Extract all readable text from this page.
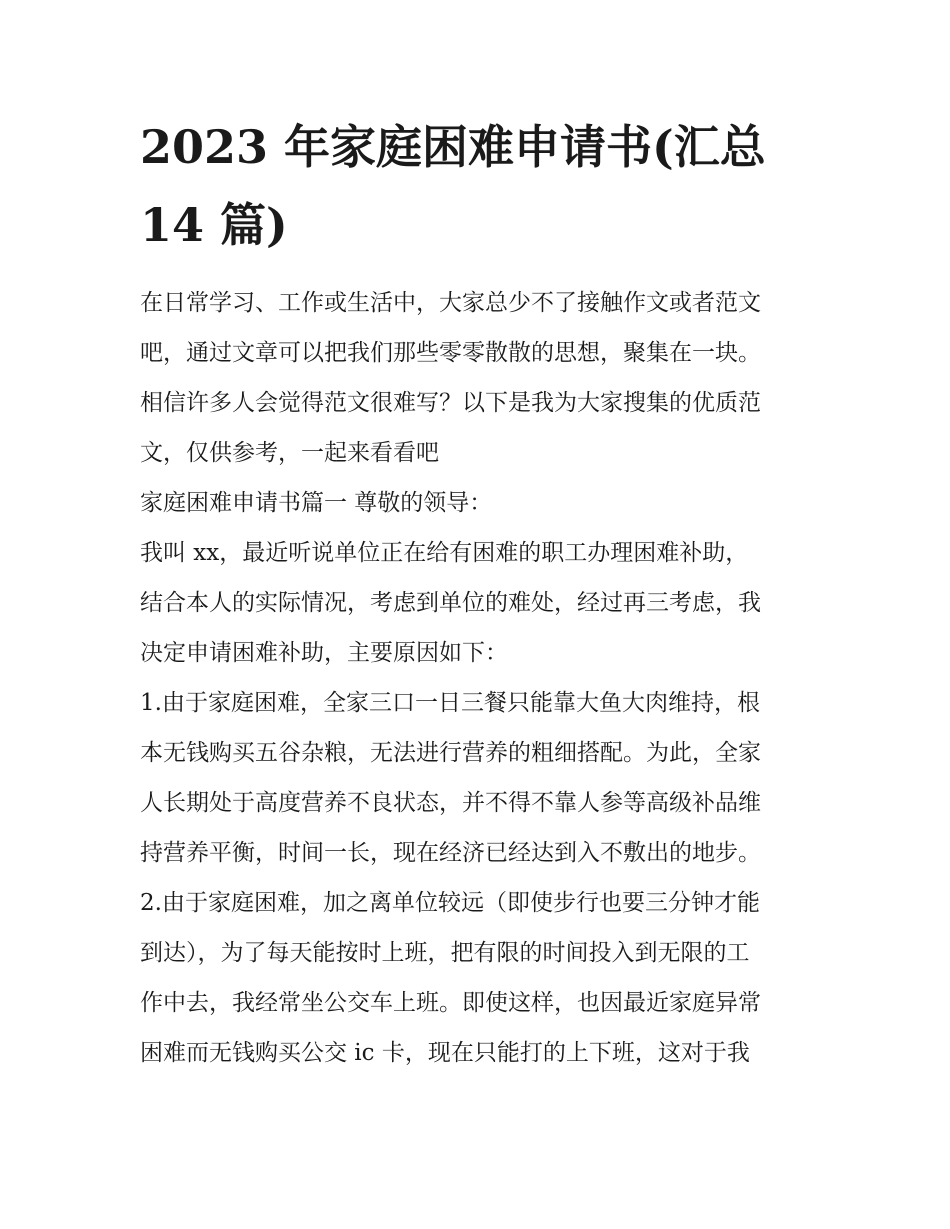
2023 年家庭困难申请书(汇总
14 篇)
在日常学习、工作或生活中，大家总少不了接触作文或者范文
吧，通过文章可以把我们那些零零散散的思想，聚集在一块。
相信许多人会觉得范文很难写？以下是我为大家搜集的优质范
文，仅供参考，一起来看看吧
家庭困难申请书篇一 尊敬的领导：
我叫 xx，最近听说单位正在给有困难的职工办理困难补助，
结合本人的实际情况，考虑到单位的难处，经过再三考虑，我
决定申请困难补助，主要原因如下：
1.由于家庭困难，全家三口一日三餐只能靠大鱼大肉维持，根
本无钱购买五谷杂粮，无法进行营养的粗细搭配。为此，全家
人长期处于高度营养不良状态，并不得不靠人参等高级补品维
持营养平衡，时间一长，现在经济已经达到入不敷出的地步。
2.由于家庭困难，加之离单位较远（即使步行也要三分钟才能
到达），为了每天能按时上班，把有限的时间投入到无限的工
作中去，我经常坐公交车上班。即使这样，也因最近家庭异常
困难而无钱购买公交 ic 卡，现在只能打的上下班，这对于我
